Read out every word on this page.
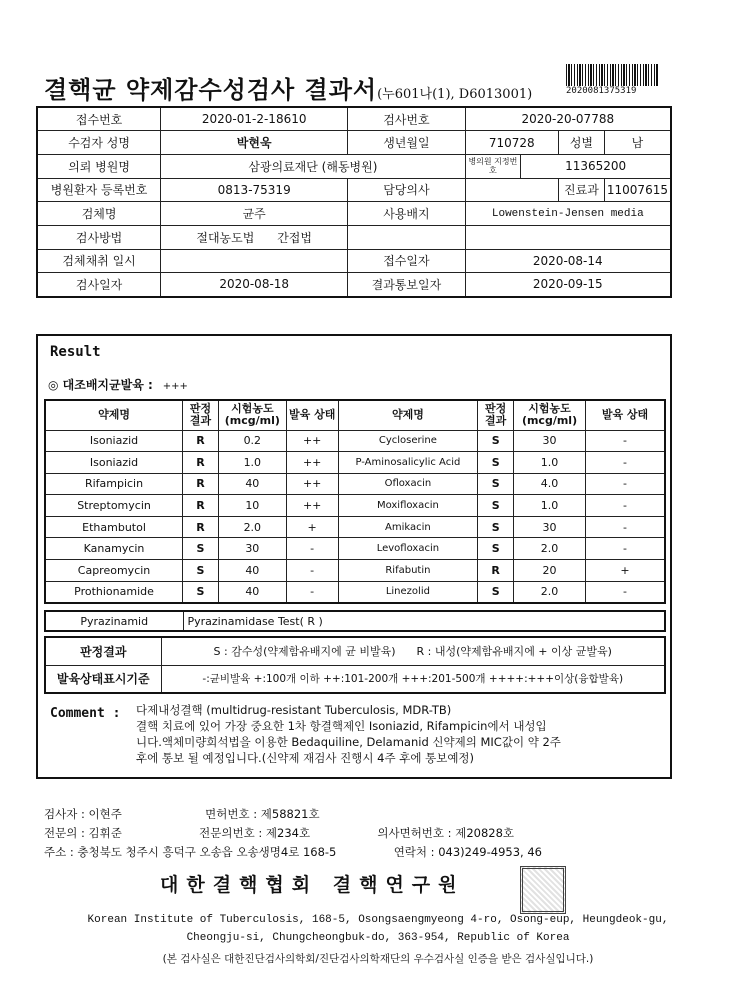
결핵균 약제감수성검사 결과서(누601나(1), D6013001)	2020081375319
접수번호	2020-01-2-18610	검사번호	2020-20-07788			
수검자 성명	박현욱	생년월일	710728		성별	남
의뢰 병원명	삼광의료재단 (해동병원)		병의원 지정번호	11365200		
병원환자 등록번호	0813-75319	담당의사			진료과	11007615
검체명	균주	사용배지	Lowenstein-Jensen media			
검사방법	절대농도법 간접법					
검체채취 일시		접수일자	2020-08-14			
검사일자	2020-08-18	결과통보일자	2020-09-15			
Result
◎ 대조배지균발육 : +++
약제명	판정 결과	시험농도 (mcg/ml)	발육 상태	약제명	판정 결과	시험농도 (mcg/ml)	발육 상태
Isoniazid	R	0.2	++	Cycloserine	S	30	-
Isoniazid	R	1.0	++	P-Aminosalicylic Acid	S	1.0	-
Rifampicin	R	40	++	Ofloxacin	S	4.0	-
Streptomycin	R	10	++	Moxifloxacin	S	1.0	-
Ethambutol	R	2.0	+	Amikacin	S	30	-
Kanamycin	S	30	-	Levofloxacin	S	2.0	-
Capreomycin	S	40	-	Rifabutin	R	20	+
Prothionamide	S	40	-	Linezolid	S	2.0	-
Pyrazinamid	Pyrazinamidase Test( R )
판정결과	S : 감수성(약제함유배지에 균 비발육) R : 내성(약제함유배지에 + 이상 균발육)
발육상태표시기준	-:균비발육 +:100개 이하 ++:101-200개 +++:201-500개 ++++:+++이상(융합발육)
Comment : 다제내성결핵 (multidrug-resistant Tuberculosis, MDR-TB)
결핵 치료에 있어 가장 중요한 1차 항결핵제인 Isoniazid, Rifampicin에서 내성입
니다.액체미량희석법을 이용한 Bedaquiline, Delamanid 신약제의 MIC값이 약 2주
후에 통보 될 예정입니다.(신약제 재검사 진행시 4주 후에 통보예정)
검사자 : 이현주	면허번호 : 제58821호
전문의 : 김휘준	전문의번호 : 제234호	의사면허번호 : 제20828호
주소 : 충청북도 청주시 흥덕구 오송읍 오송생명4로 168-5	연락처 : 043)249-4953, 46
대한결핵협회 결핵연구원
Korean Institute of Tuberculosis, 168-5, Osongsaengmyeong 4-ro, Osong-eup, Heungdeok-gu,
Cheongju-si, Chungcheongbuk-do, 363-954, Republic of Korea
(본 검사실은 대한진단검사의학회/진단검사의학재단의 우수검사실 인증을 받은 검사실입니다.)
